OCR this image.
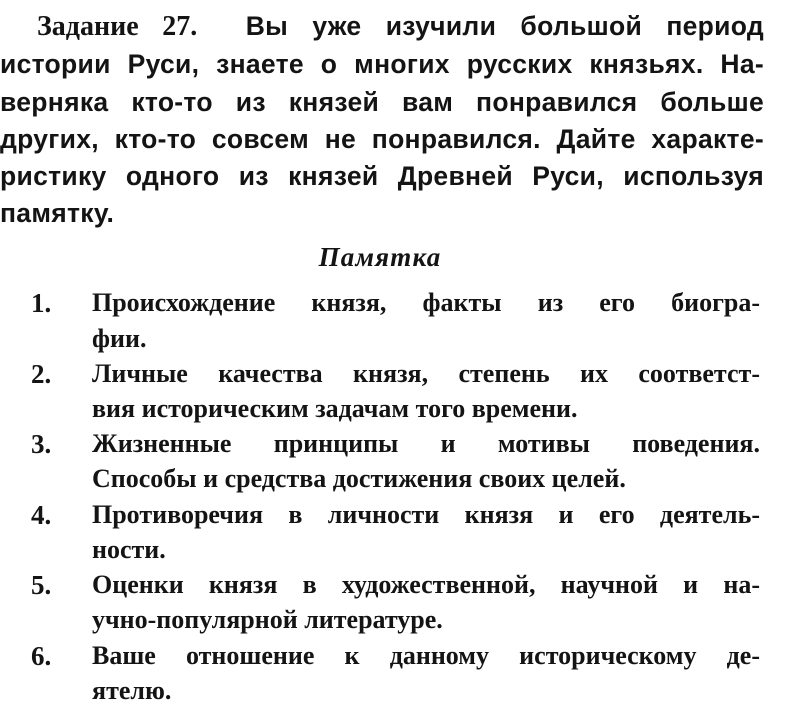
Задание 27. Вы уже изучили большой период
истории Руси, знаете о многих русских князьях. На-
верняка кто-то из князей вам понравился больше
других, кто-то совсем не понравился. Дайте характе-
ристику одного из князей Древней Руси, используя
памятку.
Памятка
1.	Происхождение князя, факты из его биогра-
фии.
2.	Личные качества князя, степень их соответст-
вия историческим задачам того времени.
3.	Жизненные принципы и мотивы поведения.
Способы и средства достижения своих целей.
4.	Противоречия в личности князя и его деятель-
ности.
5.	Оценки князя в художественной, научной и на-
учно-популярной литературе.
6.	Ваше отношение к данному историческому де-
ятелю.
